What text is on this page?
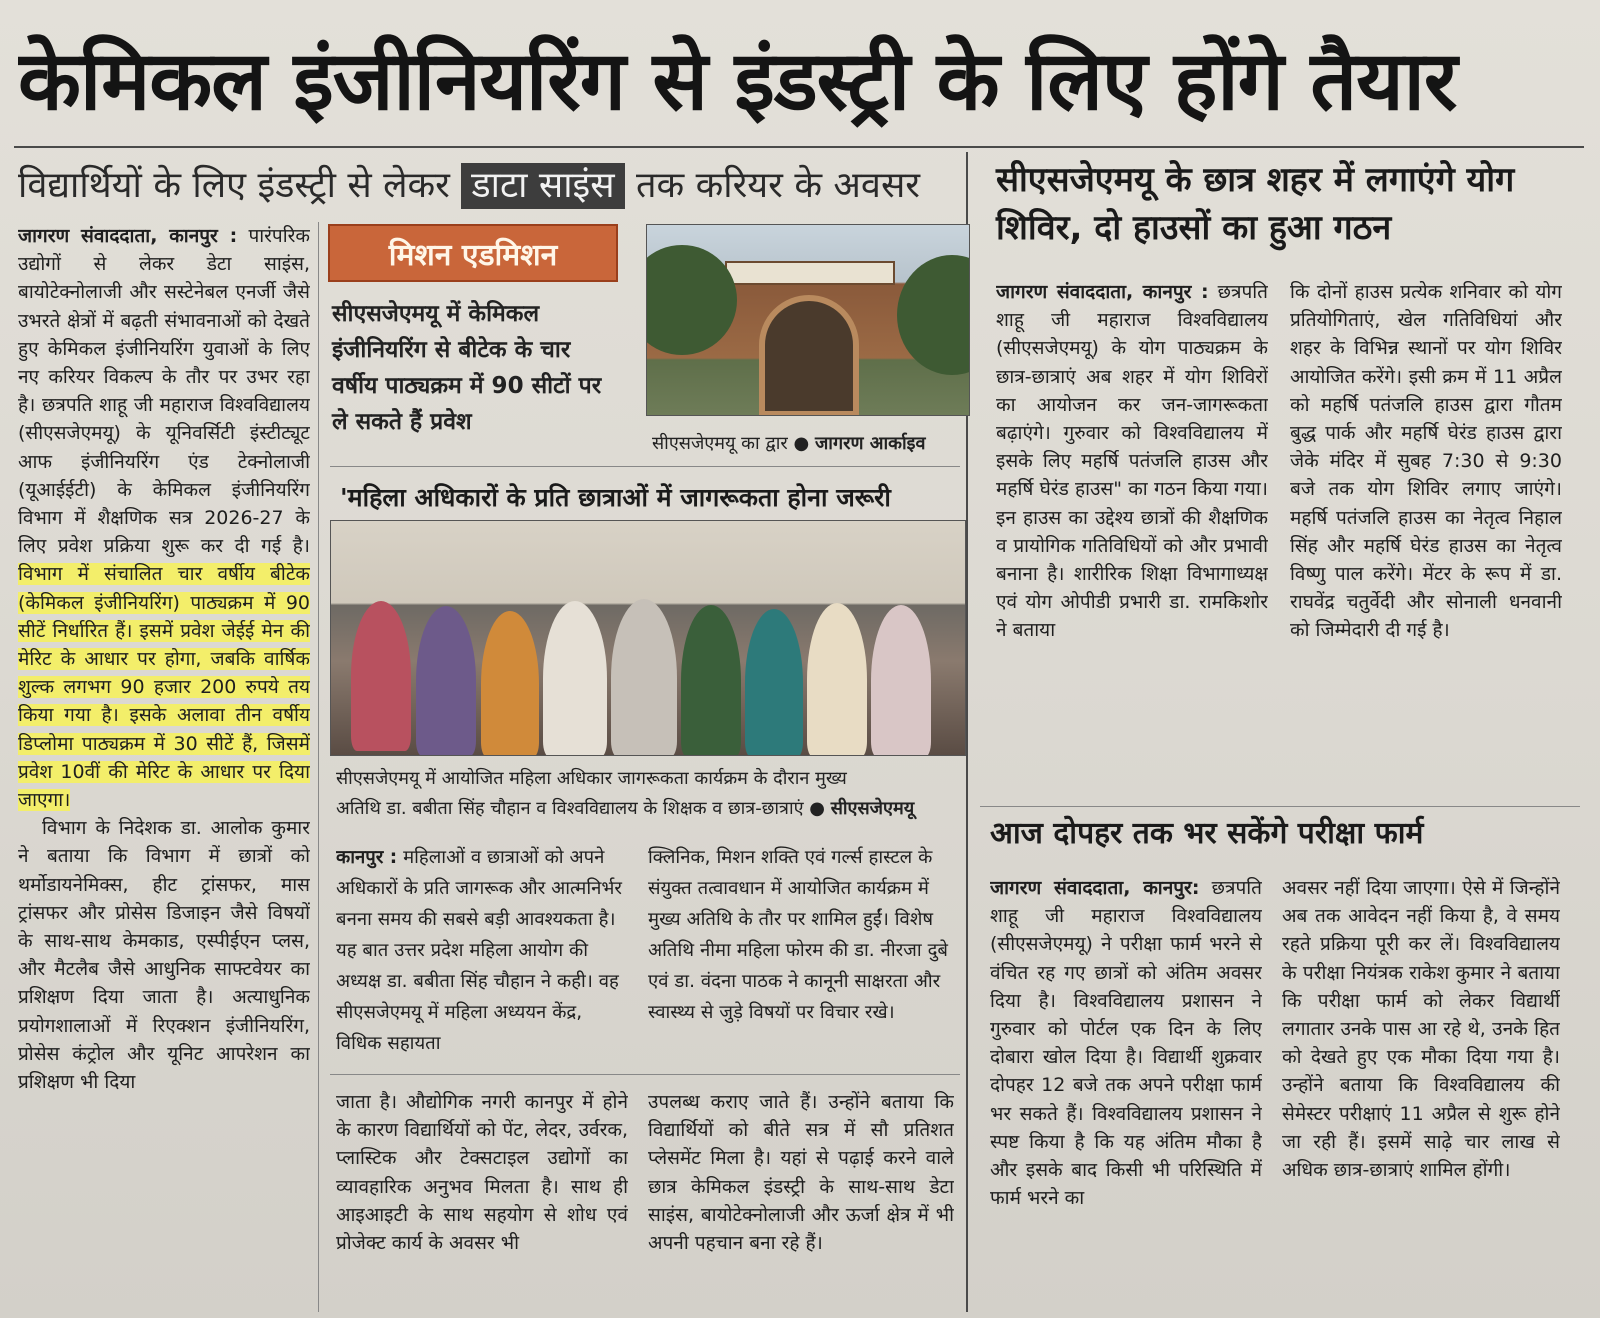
केमिकल इंजीनियरिंग से इंडस्ट्री के लिए होंगे तैयार
विद्यार्थियों के लिए इंडस्ट्री से लेकर डाटा साइंस तक करियर के अवसर

जागरण संवाददाता, कानपुर : पारंपरिक उद्योगों से लेकर डेटा साइंस, बायोटेक्नोलाजी और सस्टेनेबल एनर्जी जैसे उभरते क्षेत्रों में बढ़ती संभावनाओं को देखते हुए केमिकल इंजीनियरिंग युवाओं के लिए नए करियर विकल्प के तौर पर उभर रहा है। छत्रपति शाहू जी महाराज विश्वविद्यालय (सीएसजेएमयू) के यूनिवर्सिटी इंस्टीट्यूट आफ इंजीनियरिंग एंड टेक्नोलाजी (यूआईईटी) के केमिकल इंजीनियरिंग विभाग में शैक्षणिक सत्र 2026-27 के लिए प्रवेश प्रक्रिया शुरू कर दी गई है। विभाग में संचालित चार वर्षीय बीटेक (केमिकल इंजीनियरिंग) पाठ्यक्रम में 90 सीटें निर्धारित हैं। इसमें प्रवेश जेईई मेन की मेरिट के आधार पर होगा, जबकि वार्षिक शुल्क लगभग 90 हजार 200 रुपये तय किया गया है। इसके अलावा तीन वर्षीय डिप्लोमा पाठ्यक्रम में 30 सीटें हैं, जिसमें प्रवेश 10वीं की मेरिट के आधार पर दिया जाएगा।

विभाग के निदेशक डा. आलोक कुमार ने बताया कि विभाग में छात्रों को थर्मोडायनेमिक्स, हीट ट्रांसफर, मास ट्रांसफर और प्रोसेस डिजाइन जैसे विषयों के साथ-साथ केमकाड, एस्पीईएन प्लस, और मैटलैब जैसे आधुनिक साफ्टवेयर का प्रशिक्षण दिया जाता है। अत्याधुनिक प्रयोगशालाओं में रिएक्शन इंजीनियरिंग, प्रोसेस कंट्रोल और यूनिट आपरेशन का प्रशिक्षण भी दिया

मिशन एडमिशन
सीएसजेएमयू में केमिकल इंजीनियरिंग से बीटेक के चार वर्षीय पाठ्यक्रम में 90 सीटों पर ले सकते हैं प्रवेश
सीएसजेएमयू का द्वार ● जागरण आर्काइव
'महिला अधिकारों के प्रति छात्राओं में जागरूकता होना जरूरी
सीएसजेएमयू में आयोजित महिला अधिकार जागरूकता कार्यक्रम के दौरान मुख्य
अतिथि डा. बबीता सिंह चौहान व विश्वविद्यालय के शिक्षक व छात्र-छात्राएं ● सीएसजेएमयू
कानपुर : महिलाओं व छात्राओं को अपने अधिकारों के प्रति जागरूक और आत्मनिर्भर बनना समय की सबसे बड़ी आवश्यकता है। यह बात उत्तर प्रदेश महिला आयोग की अध्यक्ष डा. बबीता सिंह चौहान ने कही। वह सीएसजेएमयू में महिला अध्ययन केंद्र, विधिक सहायता
क्लिनिक, मिशन शक्ति एवं गर्ल्स हास्टल के संयुक्त तत्वावधान में आयोजित कार्यक्रम में मुख्य अतिथि के तौर पर शामिल हुईं। विशेष अतिथि नीमा महिला फोरम की डा. नीरजा दुबे एवं डा. वंदना पाठक ने कानूनी साक्षरता और स्वास्थ्य से जुड़े विषयों पर विचार रखे।
जाता है। औद्योगिक नगरी कानपुर में होने के कारण विद्यार्थियों को पेंट, लेदर, उर्वरक, प्लास्टिक और टेक्सटाइल उद्योगों का व्यावहारिक अनुभव मिलता है। साथ ही आइआइटी के साथ सहयोग से शोध एवं प्रोजेक्ट कार्य के अवसर भी
उपलब्ध कराए जाते हैं। उन्होंने बताया कि विद्यार्थियों को बीते सत्र में सौ प्रतिशत प्लेसमेंट मिला है। यहां से पढ़ाई करने वाले छात्र केमिकल इंडस्ट्री के साथ-साथ डेटा साइंस, बायोटेक्नोलाजी और ऊर्जा क्षेत्र में भी अपनी पहचान बना रहे हैं।
सीएसजेएमयू के छात्र शहर में लगाएंगे योग शिविर, दो हाउसों का हुआ गठन
जागरण संवाददाता, कानपुर : छत्रपति शाहू जी महाराज विश्वविद्यालय (सीएसजेएमयू) के योग पाठ्यक्रम के छात्र-छात्राएं अब शहर में योग शिविरों का आयोजन कर जन-जागरूकता बढ़ाएंगे। गुरुवार को विश्वविद्यालय में इसके लिए महर्षि पतंजलि हाउस और महर्षि घेरंड हाउस" का गठन किया गया। इन हाउस का उद्देश्य छात्रों की शैक्षणिक व प्रायोगिक गतिविधियों को और प्रभावी बनाना है। शारीरिक शिक्षा विभागाध्यक्ष एवं योग ओपीडी प्रभारी डा. रामकिशोर ने बताया
कि दोनों हाउस प्रत्येक शनिवार को योग प्रतियोगिताएं, खेल गतिविधियां और शहर के विभिन्न स्थानों पर योग शिविर आयोजित करेंगे। इसी क्रम में 11 अप्रैल को महर्षि पतंजलि हाउस द्वारा गौतम बुद्ध पार्क और महर्षि घेरंड हाउस द्वारा जेके मंदिर में सुबह 7:30 से 9:30 बजे तक योग शिविर लगाए जाएंगे। महर्षि पतंजलि हाउस का नेतृत्व निहाल सिंह और महर्षि घेरंड हाउस का नेतृत्व विष्णु पाल करेंगे। मेंटर के रूप में डा. राघवेंद्र चतुर्वेदी और सोनाली धनवानी को जिम्मेदारी दी गई है।
आज दोपहर तक भर सकेंगे परीक्षा फार्म
जागरण संवाददाता, कानपुर: छत्रपति शाहू जी महाराज विश्वविद्यालय (सीएसजेएमयू) ने परीक्षा फार्म भरने से वंचित रह गए छात्रों को अंतिम अवसर दिया है। विश्वविद्यालय प्रशासन ने गुरुवार को पोर्टल एक दिन के लिए दोबारा खोल दिया है। विद्यार्थी शुक्रवार दोपहर 12 बजे तक अपने परीक्षा फार्म भर सकते हैं। विश्वविद्यालय प्रशासन ने स्पष्ट किया है कि यह अंतिम मौका है और इसके बाद किसी भी परिस्थिति में फार्म भरने का
अवसर नहीं दिया जाएगा। ऐसे में जिन्होंने अब तक आवेदन नहीं किया है, वे समय रहते प्रक्रिया पूरी कर लें। विश्वविद्यालय के परीक्षा नियंत्रक राकेश कुमार ने बताया कि परीक्षा फार्म को लेकर विद्यार्थी लगातार उनके पास आ रहे थे, उनके हित को देखते हुए एक मौका दिया गया है। उन्होंने बताया कि विश्वविद्यालय की सेमेस्टर परीक्षाएं 11 अप्रैल से शुरू होने जा रही हैं। इसमें साढ़े चार लाख से अधिक छात्र-छात्राएं शामिल होंगी।
